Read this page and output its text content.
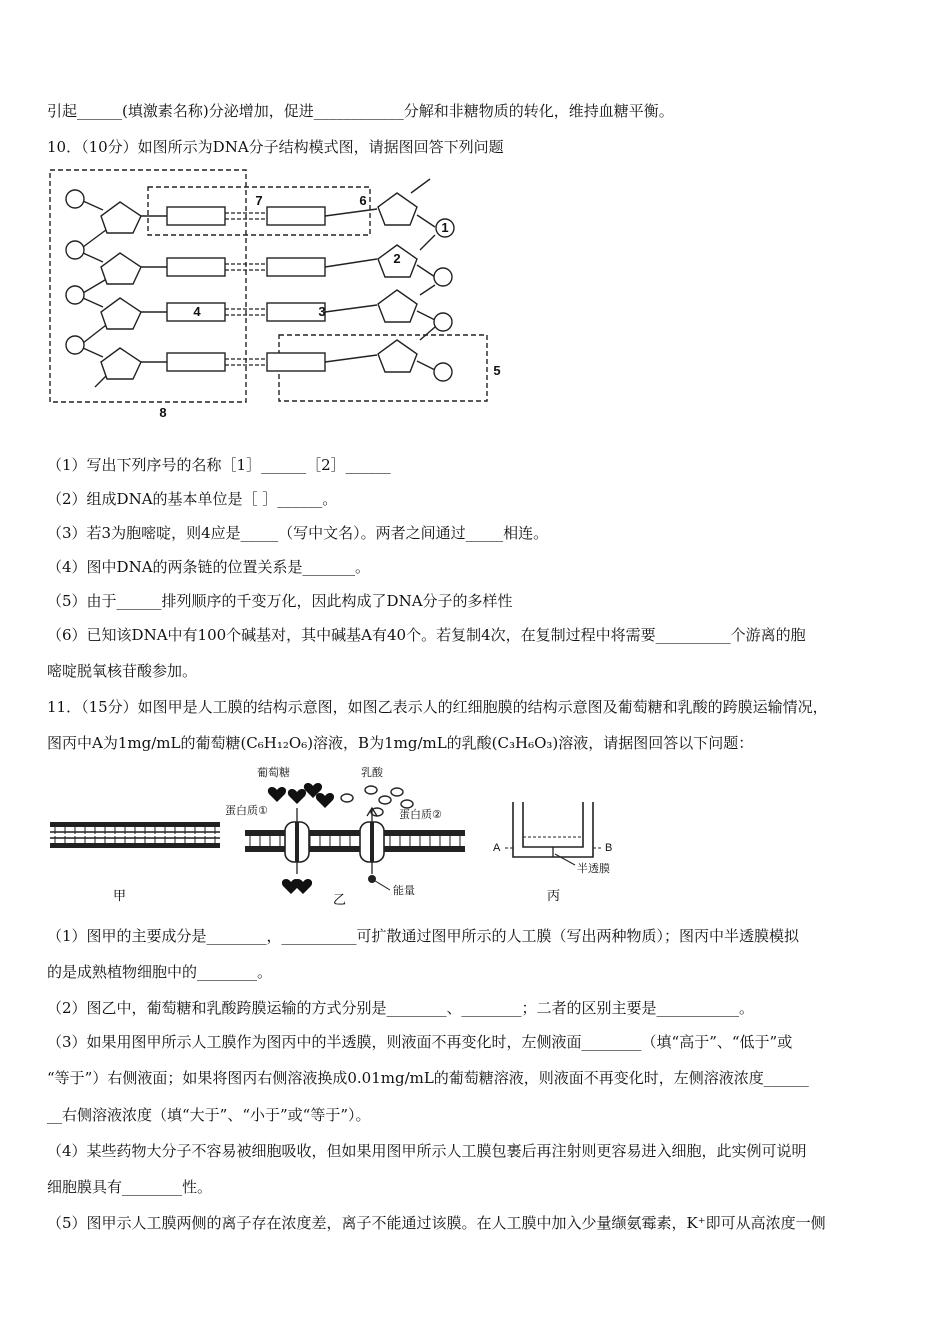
引起______(填激素名称)分泌增加，促进____________分解和非糖物质的转化，维持血糖平衡。
10．（10分）如图所示为DNA分子结构模式图，请据图回答下列问题
1
2
3
4
5
6
7
8
（1）写出下列序号的名称［1］______［2］______
（2）组成DNA的基本单位是［ ］______。
（3）若3为胞嘧啶，则4应是_____（写中文名）。两者之间通过_____相连。
（4）图中DNA的两条链的位置关系是_______。
（5）由于______排列顺序的千变万化，因此构成了DNA分子的多样性
（6）已知该DNA中有100个碱基对，其中碱基A有40个。若复制4次，在复制过程中将需要__________个游离的胞
嘧啶脱氧核苷酸参加。
11．（15分）如图甲是人工膜的结构示意图，如图乙表示人的红细胞膜的结构示意图及葡萄糖和乳酸的跨膜运输情况，
图丙中A为1mg/mL的葡萄糖(C₆H₁₂O₆)溶液，B为1mg/mL的乳酸(C₃H₆O₃)溶液，请据图回答以下问题：
甲
葡萄糖	乳酸
蛋白质①	蛋白质②
能量
乙
A	B
半透膜
丙
（1）图甲的主要成分是________，__________可扩散通过图甲所示的人工膜（写出两种物质）；图丙中半透膜模拟
的是成熟植物细胞中的________。
（2）图乙中，葡萄糖和乳酸跨膜运输的方式分别是________、________；二者的区别主要是___________。
（3）如果用图甲所示人工膜作为图丙中的半透膜，则液面不再变化时，左侧液面________（填“高于”、“低于”或
“等于”）右侧液面；如果将图丙右侧溶液换成0.01mg/mL的葡萄糖溶液，则液面不再变化时，左侧溶液浓度______
__右侧溶液浓度（填“大于”、“小于”或“等于”）。
（4）某些药物大分子不容易被细胞吸收，但如果用图甲所示人工膜包裹后再注射则更容易进入细胞，此实例可说明
细胞膜具有________性。
（5）图甲示人工膜两侧的离子存在浓度差，离子不能通过该膜。在人工膜中加入少量缬氨霉素，K⁺即可从高浓度一侧
